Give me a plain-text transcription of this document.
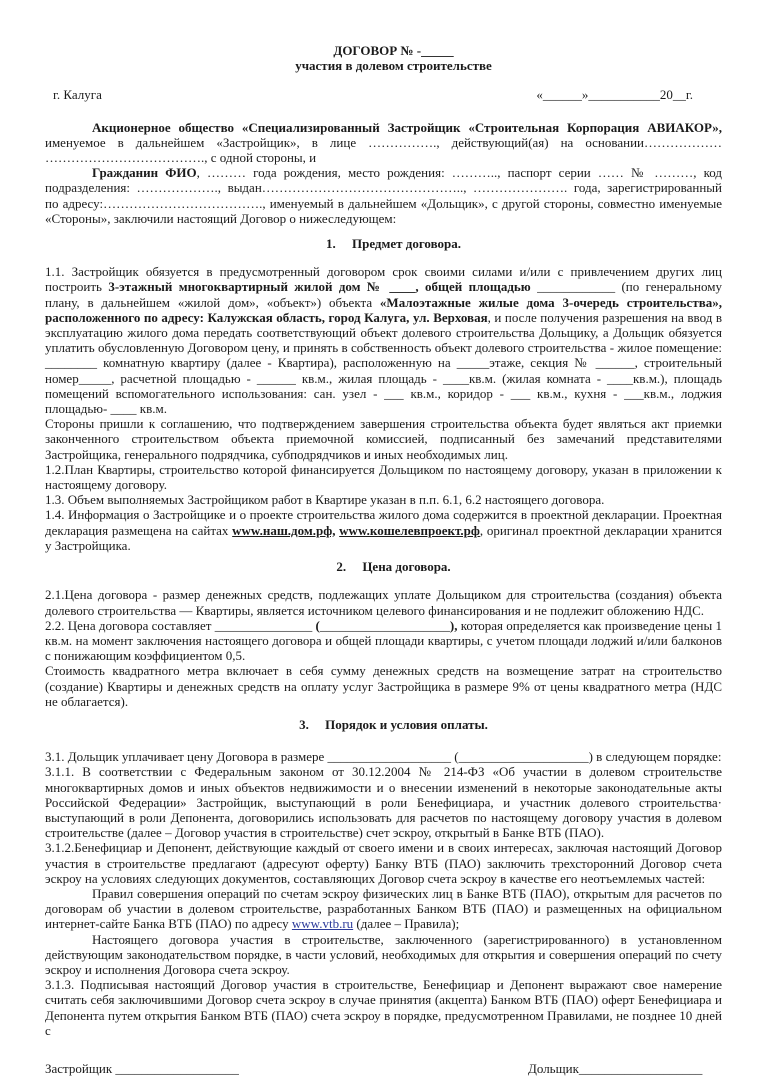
ДОГОВОР № -_____
участия в долевом строительстве
г. Калуга	«______»___________20__г.

Акционерное общество «Специализированный Застройщик «Строительная Корпорация АВИАКОР», именуемое в дальнейшем «Застройщик», в лице ……………., действующий(ая) на основании……………… ………………………………., с одной стороны, и

Гражданин ФИО, ……… года рождения, место рождения: ……….., паспорт серии …… № ………, код подразделения: ………………., выдан……………………………………….., …………………. года, зарегистрированный по адресу:………………………………., именуемый в дальнейшем «Дольщик», с другой стороны, совместно именуемые «Стороны», заключили настоящий Договор о нижеследующем:

1.  Предмет договора.

1.1. Застройщик обязуется в предусмотренный договором срок своими силами и/или с привлечением других лиц построить 3-этажный многоквартирный жилой дом № ____, общей площадью ____________ (по генеральному плану, в дальнейшем «жилой дом», «объект») объекта «Малоэтажные жилые дома 3-очередь строительства», расположенного по адресу: Калужская область, город Калуга, ул. Верховая, и после получения разрешения на ввод в эксплуатацию жилого дома передать соответствующий объект долевого строительства Дольщику, а Дольщик обязуется уплатить обусловленную Договором цену, и принять в собственность объект долевого строительства - жилое помещение: ________ комнатную квартиру (далее - Квартира), расположенную на _____этаже, секция № ______, строительный номер_____, расчетной площадью - ______ кв.м., жилая площадь - ____кв.м. (жилая комната - ____кв.м.), площадь помещений вспомогательного использования: сан. узел - ___ кв.м., коридор - ___ кв.м., кухня - ___кв.м., лоджия площадью- ____ кв.м.

Стороны пришли к соглашению, что подтверждением завершения строительства объекта будет являться акт приемки законченного строительством объекта приемочной комиссией, подписанный без замечаний представителями Застройщика, генерального подрядчика, субподрядчиков и иных необходимых лиц.

1.2.План Квартиры, строительство которой финансируется Дольщиком по настоящему договору, указан в приложении к настоящему договору.

1.3. Объем выполняемых Застройщиком работ в Квартире указан в п.п. 6.1, 6.2 настоящего договора.

1.4. Информация о Застройщике и о проекте строительства жилого дома содержится в проектной декларации. Проектная декларация размещена на сайтах www.наш.дом.рф, www.кошелевпроект.рф, оригинал проектной декларации хранится у Застройщика.

2.  Цена договора.

2.1.Цена договора - размер денежных средств, подлежащих уплате Дольщиком для строительства (создания) объекта долевого строительства — Квартиры, является источником целевого финансирования и не подлежит обложению НДС.

2.2. Цена договора составляет _______________ (____________________), которая определяется как произведение цены 1 кв.м. на момент заключения настоящего договора и общей площади квартиры, с учетом площади лоджий и/или балконов с понижающим коэффициентом 0,5.

Стоимость квадратного метра включает в себя сумму денежных средств на возмещение затрат на строительство (создание) Квартиры и денежных средств на оплату услуг Застройщика в размере 9% от цены квадратного метра (НДС не облагается).

3.  Порядок и условия оплаты.

3.1. Дольщик уплачивает цену Договора в размере ___________________ (____________________) в следующем порядке:

3.1.1. В соответствии с Федеральным законом от 30.12.2004 № 214-ФЗ «Об участии в долевом строительстве многоквартирных домов и иных объектов недвижимости и о внесении изменений в некоторые законодательные акты Российской Федерации» Застройщик, выступающий в роли Бенефициара, и участник долевого строительства· выступающий в роли Депонента, договорились использовать для расчетов по настоящему договору участия в долевом строительстве (далее – Договор участия в строительстве) счет эскроу, открытый в Банке ВТБ (ПАО).

3.1.2.Бенефициар и Депонент, действующие каждый от своего имени и в своих интересах, заключая настоящий Договор участия в строительстве предлагают (адресуют оферту) Банку ВТБ (ПАО) заключить трехсторонний Договор счета эскроу на условиях следующих документов, составляющих Договор счета эскроу в качестве его неотъемлемых частей:

Правил совершения операций по счетам эскроу физических лиц в Банке ВТБ (ПАО), открытым для расчетов по договорам об участии в долевом строительстве, разработанных Банком ВТБ (ПАО) и размещенных на официальном интернет-сайте Банка ВТБ (ПАО) по адресу www.vtb.ru (далее – Правила);

Настоящего договора участия в строительстве, заключенного (зарегистрированного) в установленном действующим законодательством порядке, в части условий, необходимых для открытия и совершения операций по счету эскроу и исполнения Договора счета эскроу.

3.1.3. Подписывая настоящий Договор участия в строительстве, Бенефициар и Депонент выражают свое намерение считать себя заключившими Договор счета эскроу в случае принятия (акцепта) Банком ВТБ (ПАО) оферт Бенефициара и Депонента путем открытия Банком ВТБ (ПАО) счета эскроу в порядке, предусмотренном Правилами, не позднее 10 дней с

Застройщик ___________________	Дольщик___________________
